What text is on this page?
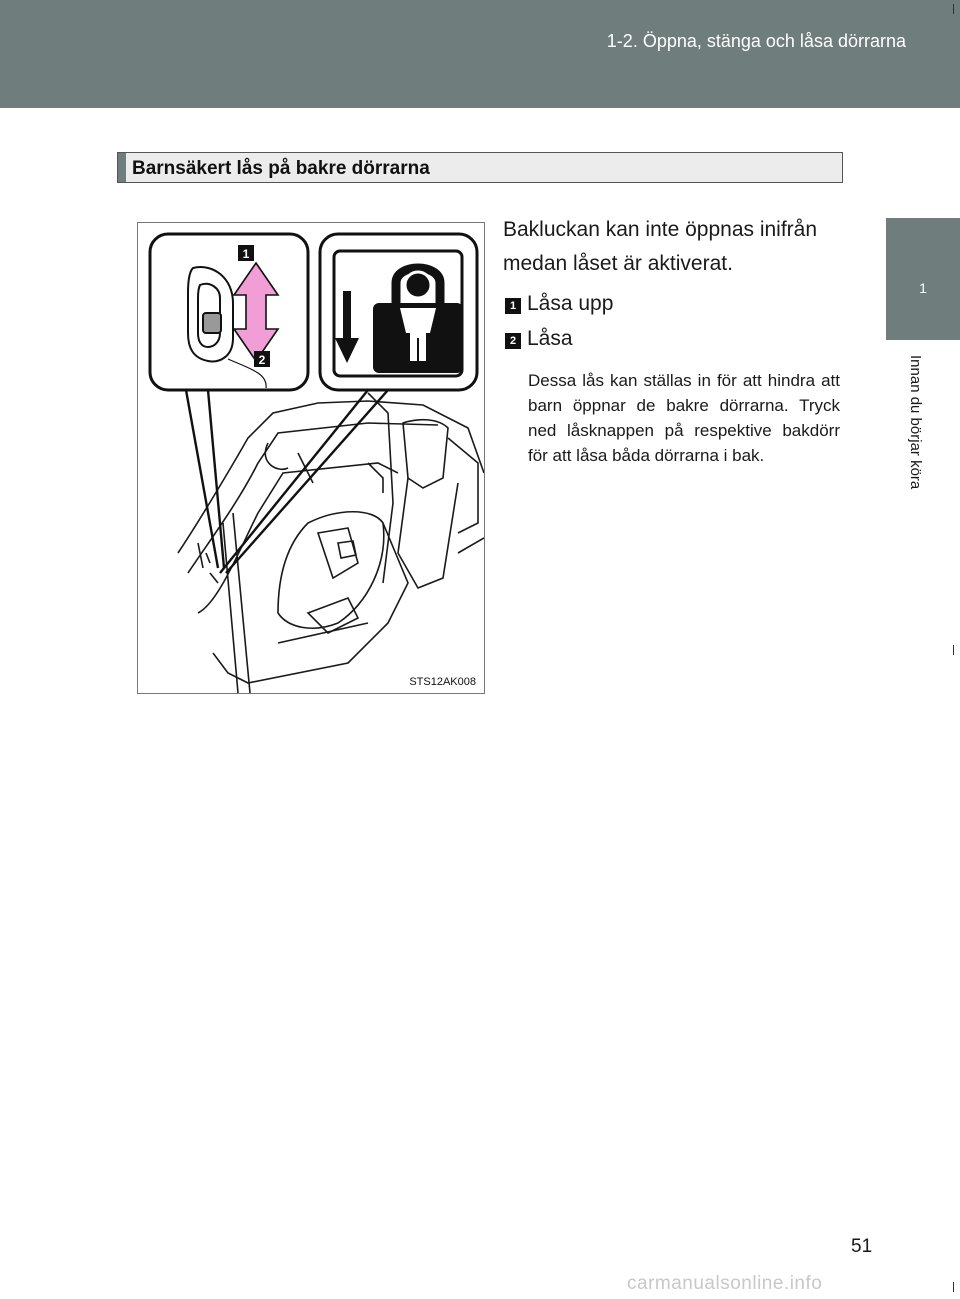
1-2. Öppna, stänga och låsa dörrarna
1
Innan du börjar köra
Barnsäkert lås på bakre dörrarna
1
2
STS12AK008
Bakluckan kan inte öppnas inifrån medan låset är aktiverat.
1 Låsa upp
2 Låsa
Dessa lås kan ställas in för att hindra att barn öppnar de bakre dörrarna. Tryck ned låsknappen på respektive bakdörr för att låsa båda dörrarna i bak.
51
carmanualsonline.info
